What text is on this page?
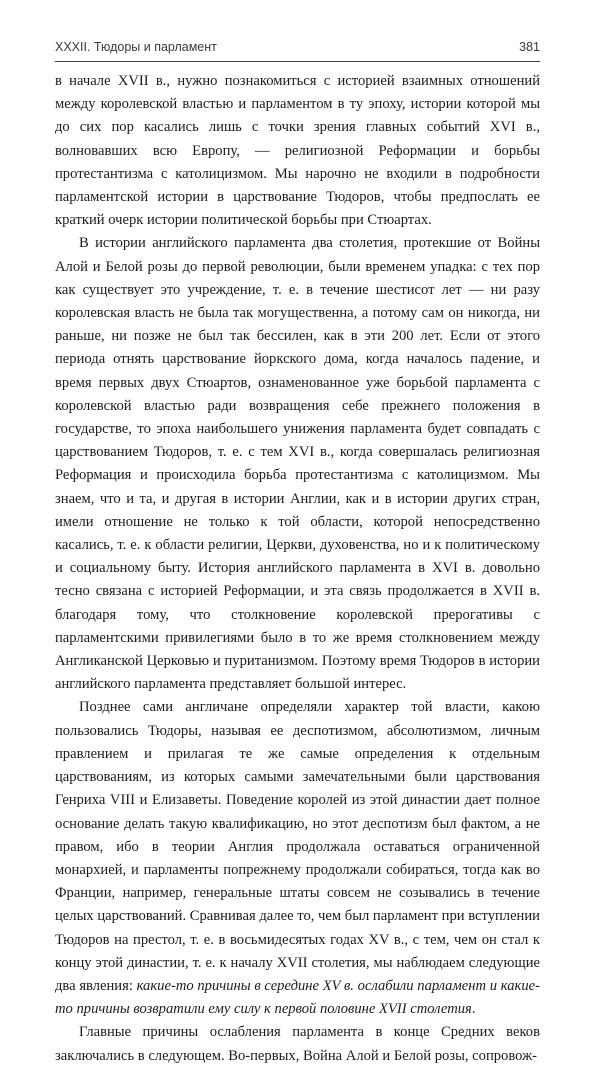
XXXII. Тюдоры и парламент	381

в начале XVII в., нужно познакомиться с историей взаимных отношений между королевской властью и парламентом в ту эпоху, истории которой мы до сих пор касались лишь с точки зрения главных событий XVI в., волновавших всю Европу, — религиозной Реформации и борьбы протестантизма с католицизмом. Мы нарочно не входили в подробности парламентской истории в царствование Тюдоров, чтобы предпослать ее краткий очерк истории политической борьбы при Стюартах.

В истории английского парламента два столетия, протекшие от Войны Алой и Белой розы до первой революции, были временем упадка: с тех пор как существует это учреждение, т. е. в течение шестисот лет — ни разу королевская власть не была так могущественна, а потому сам он никогда, ни раньше, ни позже не был так бессилен, как в эти 200 лет. Если от этого периода отнять царствование йоркского дома, когда началось падение, и время первых двух Стюартов, ознаменованное уже борьбой парламента с королевской властью ради возвращения себе прежнего положения в государстве, то эпоха наибольшего унижения парламента будет совпадать с царствованием Тюдоров, т. е. с тем XVI в., когда совершалась религиозная Реформация и происходила борьба протестантизма с католицизмом. Мы знаем, что и та, и другая в истории Англии, как и в истории других стран, имели отношение не только к той области, которой непосредственно касались, т. е. к области религии, Церкви, духовенства, но и к политическому и социальному быту. История английского парламента в XVI в. довольно тесно связана с историей Реформации, и эта связь продолжается в XVII в. благодаря тому, что столкновение королевской прерогативы с парламентскими привилегиями было в то же время столкновением между Англиканской Церковью и пуританизмом. Поэтому время Тюдоров в истории английского парламента представляет большой интерес.

Позднее сами англичане определяли характер той власти, какою пользовались Тюдоры, называя ее деспотизмом, абсолютизмом, личным правлением и прилагая те же самые определения к отдельным царствованиям, из которых самыми замечательными были царствования Генриха VIII и Елизаветы. Поведение королей из этой династии дает полное основание делать такую квалификацию, но этот деспотизм был фактом, а не правом, ибо в теории Англия продолжала оставаться ограниченной монархией, и парламенты попрежнему продолжали собираться, тогда как во Франции, например, генеральные штаты совсем не созывались в течение целых царствований. Сравнивая далее то, чем был парламент при вступлении Тюдоров на престол, т. е. в восьмидесятых годах XV в., с тем, чем он стал к концу этой династии, т. е. к началу XVII столетия, мы наблюдаем следующие два явления: какие-то причины в середине XV в. ослабили парламент и какие-то причины возвратили ему силу к первой половине XVII столетия.

Главные причины ослабления парламента в конце Средних веков заключались в следующем. Во-первых, Война Алой и Белой розы, сопровож-
